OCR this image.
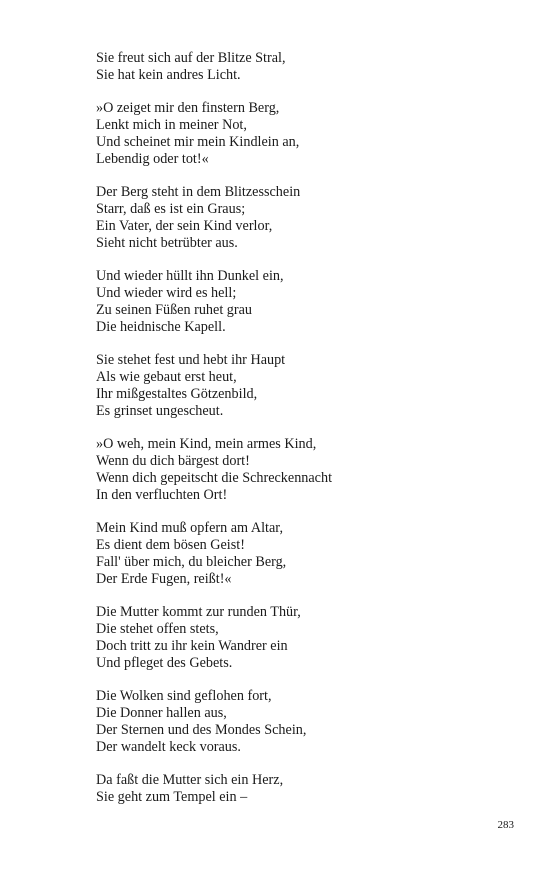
Sie freut sich auf der Blitze Stral,
Sie hat kein andres Licht.
»O zeiget mir den finstern Berg,
Lenkt mich in meiner Not,
Und scheinet mir mein Kindlein an,
Lebendig oder tot!«
Der Berg steht in dem Blitzesschein
Starr, daß es ist ein Graus;
Ein Vater, der sein Kind verlor,
Sieht nicht betrübter aus.
Und wieder hüllt ihn Dunkel ein,
Und wieder wird es hell;
Zu seinen Füßen ruhet grau
Die heidnische Kapell.
Sie stehet fest und hebt ihr Haupt
Als wie gebaut erst heut,
Ihr mißgestaltes Götzenbild,
Es grinset ungescheut.
»O weh, mein Kind, mein armes Kind,
Wenn du dich bärgest dort!
Wenn dich gepeitscht die Schreckennacht
In den verfluchten Ort!
Mein Kind muß opfern am Altar,
Es dient dem bösen Geist!
Fall' über mich, du bleicher Berg,
Der Erde Fugen, reißt!«
Die Mutter kommt zur runden Thür,
Die stehet offen stets,
Doch tritt zu ihr kein Wandrer ein
Und pfleget des Gebets.
Die Wolken sind geflohen fort,
Die Donner hallen aus,
Der Sternen und des Mondes Schein,
Der wandelt keck voraus.
Da faßt die Mutter sich ein Herz,
Sie geht zum Tempel ein –
283
